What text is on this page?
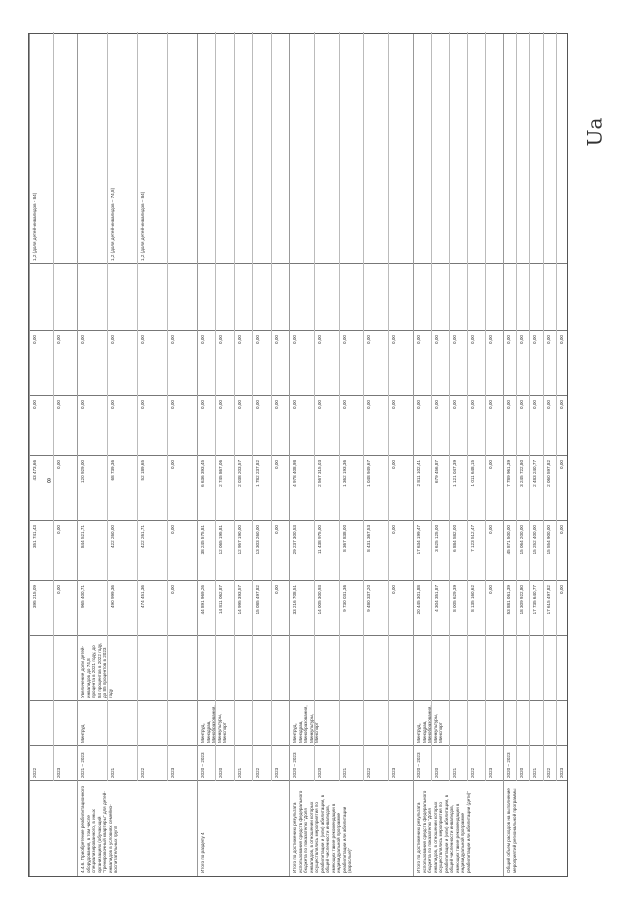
8
Ua
2022
395 215,09
351 741,43
43 473,66
0,00
0,00
1,2 (доля детей-инвалидов - 84)
2023
0,00
0,00
0,00
0,00
0,00
4.4.6. Приобретение реабилитационного оборудования, в том числе специализированного, в иных организациях (обучающий "тренировочный квартиры" для детей-инвалидов в условиях семейно-воспитательных групп
Минтруд
Увеличение доли детей-инвалидов до 74,8 процента в 2021 году, до 84 процентов в 2022 году, до 85 процентов в 2023 году
2021 – 2023
965 400,71
844 521,71
120 929,00
0,00
0,00
2021
490 999,36
422 260,00
68 739,36
0,00
0,00
1,2 (доля детей-инвалидов – 74,8)
2022
474 451,36
422 261,71
52 189,65
0,00
0,00
1,2 (доля детей-инвалидов – 84)
2023
0,00
0,00
0,00
0,00
0,00
Итого по разделу 4
Минтруд, Минздрав, Минобразования, Минкультуры, Минспорт
2020 – 2023
44 891 969,26
38 245 575,81
6 636 393,45
0,00
0,00
2020
14 811 062,87
12 065 195,81
2 745 867,06
0,00
0,00
2021
14 995 393,57
12 957 190,00
2 038 203,57
0,00
0,00
2022
15 085 497,82
13 303 260,00
1 782 237,82
0,00
0,00
2023
0,00
0,00
0,00
0,00
0,00
Итого по достижению результата использования средств федерального бюджета по показателю "Доля инвалидов, в отношении которых осуществлялись мероприятия по реабилитации и (или) абилитации, в общей численности инвалидов, имеющих такие рекомендации в индивидуальной программе реабилитации или абилитации (взрослые)"
Минтруд, Минздрав, Минобразования, Минкультуры, Минспорт
2020 – 2023
33 216 708,51
29 237 300,53
4 978 408,98
0,00
0,00
2020
14 005 300,93
11 438 975,00
2 567 315,03
0,00
0,00
2021
9 730 031,36
8 367 838,00
1 362 193,36
0,00
0,00
2022
9 480 337,20
8 431 367,53
1 048 949,67
0,00
0,00
2023
0,00
0,00
0,00
0,00
0,00
Итого по достижению результата использования средств федерального бюджета по показателю "Доля инвалидов, в отношении которых осуществлялись мероприятия по реабилитации и (или) абилитации, в общей численности инвалидов, имеющих такие рекомендации в индивидуальной программе реабилитации или абилитации (дети)"
Минтруд, Минздрав, Минобразования, Минкультуры, Минспорт
2020 – 2023
20 445 301,88
17 634 199,47
2 811 102,41
0,00
0,00
2020
4 304 351,87
3 625 125,00
679 456,87
0,00
0,00
2021
8 005 629,39
6 884 582,00
1 121 047,39
0,00
0,00
2022
8 135 160,62
7 123 512,47
1 011 648,15
0,00
0,00
2023
0,00
0,00
0,00
0,00
0,00
Общий объем расходов на выполнение мероприятий региональной программы
2020 – 2023
53 881 061,39
45 871 500,00
7 789 961,39
0,00
0,00
2020
18 309 922,80
15 064 200,00
3 245 722,80
0,00
0,00
2021
17 735 640,77
15 252 400,00
2 483 240,77
0,00
0,00
2022
17 615 497,82
15 554 900,00
2 060 597,82
0,00
0,00
2023
0,00
0,00
0,00
0,00
0,00
